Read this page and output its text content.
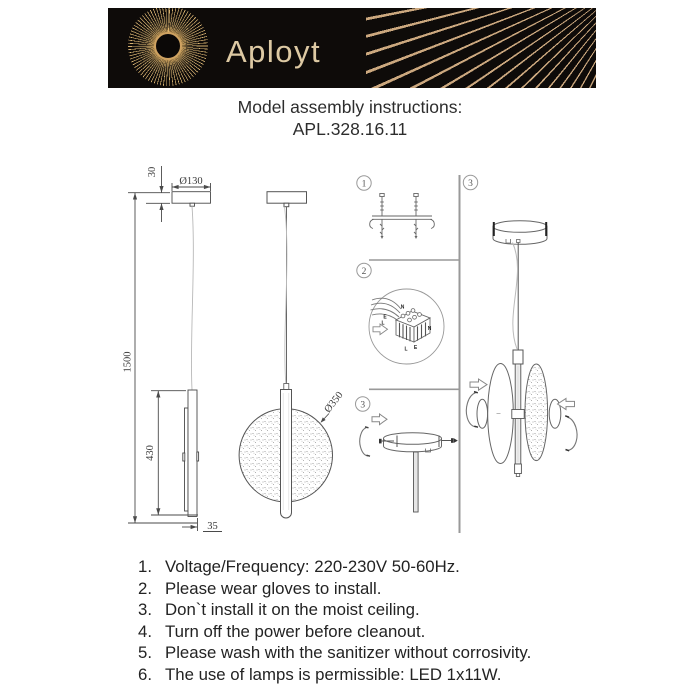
Aployt
Model assembly instructions:
APL.328.16.11
30
Ø130
1500
430
35
Ø350
1
2
3
3
N
E
L
N
L E
Voltage/Frequency: 220-230V 50-60Hz.
Please wear gloves to install.
Don`t install it on the moist ceiling.
Turn off the power before cleanout.
Please wash with the sanitizer without corrosivity.
The use of lamps is permissible: LED 1x11W.
